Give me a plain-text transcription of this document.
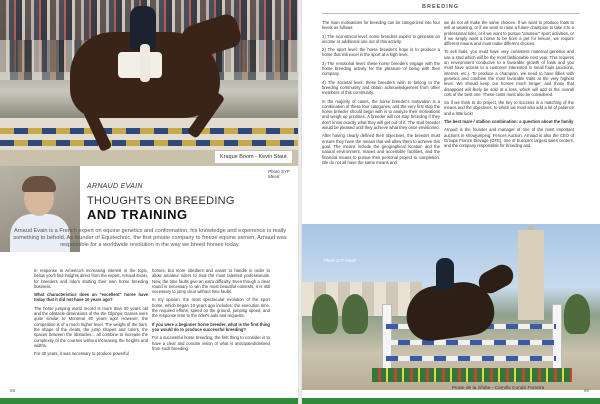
Kraque Boom - Kevin Staut
Photo SYF Mead
ARNAUD EVAIN
THOUGHTS ON BREEDING
AND TRAINING
Arnaud Evain is a French expert on equine genetics and conformation, his knowledge and experience is really something to behold. As founder of Equitechnic, the first private company to freeze equine semen, Arnaud was responsible for a worldwide revolution in the way we breed horses today.

In response to America's increasing interest in the topic, below you'll find insights direct from the expert, Arnaud Evain, for breeders and riders starting their own horse breeding business.

What characteristics does an "excellent" horse have today that it did not have 10 years ago?

The horse jumping world record is more than 30 years old and the obstacle dimensions of the the Olympic Games were quite similar to Montreal 40 years ago! However, the competition is of a much higher level. The weight of the bars, the shape of the cleats, the jump shapes and colors, the spaces between the obstacles... all combine to increase the complexity of the courses without increasing the heights and widths.

For 40 years, it was necessary to produce powerful

horses, but more obedient and easier to handle in order to allow amateur riders to rival the most talented professionals. Now, the time faults give an extra difficulty. Even though a clear round is necessary to win the most beautiful contests, it is still necessary to jump clear without time faults.

In my opinion, the most spectacular evolution of the sport horse, which began 10 years ago includes: the execution time, the required efforts, speed on the ground, jumping speed, and the response time to the rider's aids and requests.

If you were a beginner horse breeder, what is the first thing you would do to produce successful breeding?

For a successful horse breeding, the first thing to consider is to have a clear and concise vision of what is anticipated/desired from such breeding.

68
BREEDING

The main motivations for breeding can be categorized into four levels as follows:

1) The economical level: some breeders expect to generate an income or additional one out of this activity.

2) The sport level: the horse breeder's hope is to produce a horse that will excel in the sport at a high level.

3) The emotional level: these horse breeders engage with the horse breeding activity for the pleasure of being with their company.

4) The societal level: these breeders wish to belong to the breeding community and obtain acknowledgement from other members of this community.

In the majority of cases, the horse breeder's motivation is a combination of these four categories, and the very first step the horse breeder should begin with is to analyze their motivations and weigh up priorities. A breeder will not stop breeding if they don't know exactly what they will get out of it. The stud breeder would be pleased until they achieve what they once envisioned.

After having clearly defined their objectives, the breeder must ensure they have the means that will allow them to achieve this goal. The means include the geographical location and the natural environment, manes and accessible facilities, and the financial means to pursue their personal project to completion. We do not all have the same means and

we do not all make the same choices. If we want to produce foals to sell at weaning, or if we want to raise a future champion to take it to a professional rider, or if we want to pursue "amateur" sport activities, or if we simply want a horse to be born a pet for leisure, we require different means and must make different choices.

To sell foals, you must have very consistent maternal genetics and use a stud which will be the most fashionable next year. This requires an environment conducive to a favorable growth of foals and you must have access to a customer interested in small foals (auctions, internet, etc.). To produce a champion, we need to have fillies with genetics and combine the most favorable traits at the very highest level. We should keep our horses much longer, and those that disappoint will likely be sold at a loss, which will add to the overall cost of the best one. These costs must also be considered.

So if we think to do project, the key to success is a matching of the means and the objectives, to which we must also add a lot of patience and a little luck!

The best mare / stallion combination: a question about the family

Arnaud is the founder and manager of one of the most important auctions in showjumping: Fences Auction. Arnaud is also the CEO of Groupe France Elevage (GFE), one of Europe's largest sales centers, and the company responsible for breeding and

Photo SYF Mead
Pirate de la Ghitte - Camilla Condé Ferreira	69
